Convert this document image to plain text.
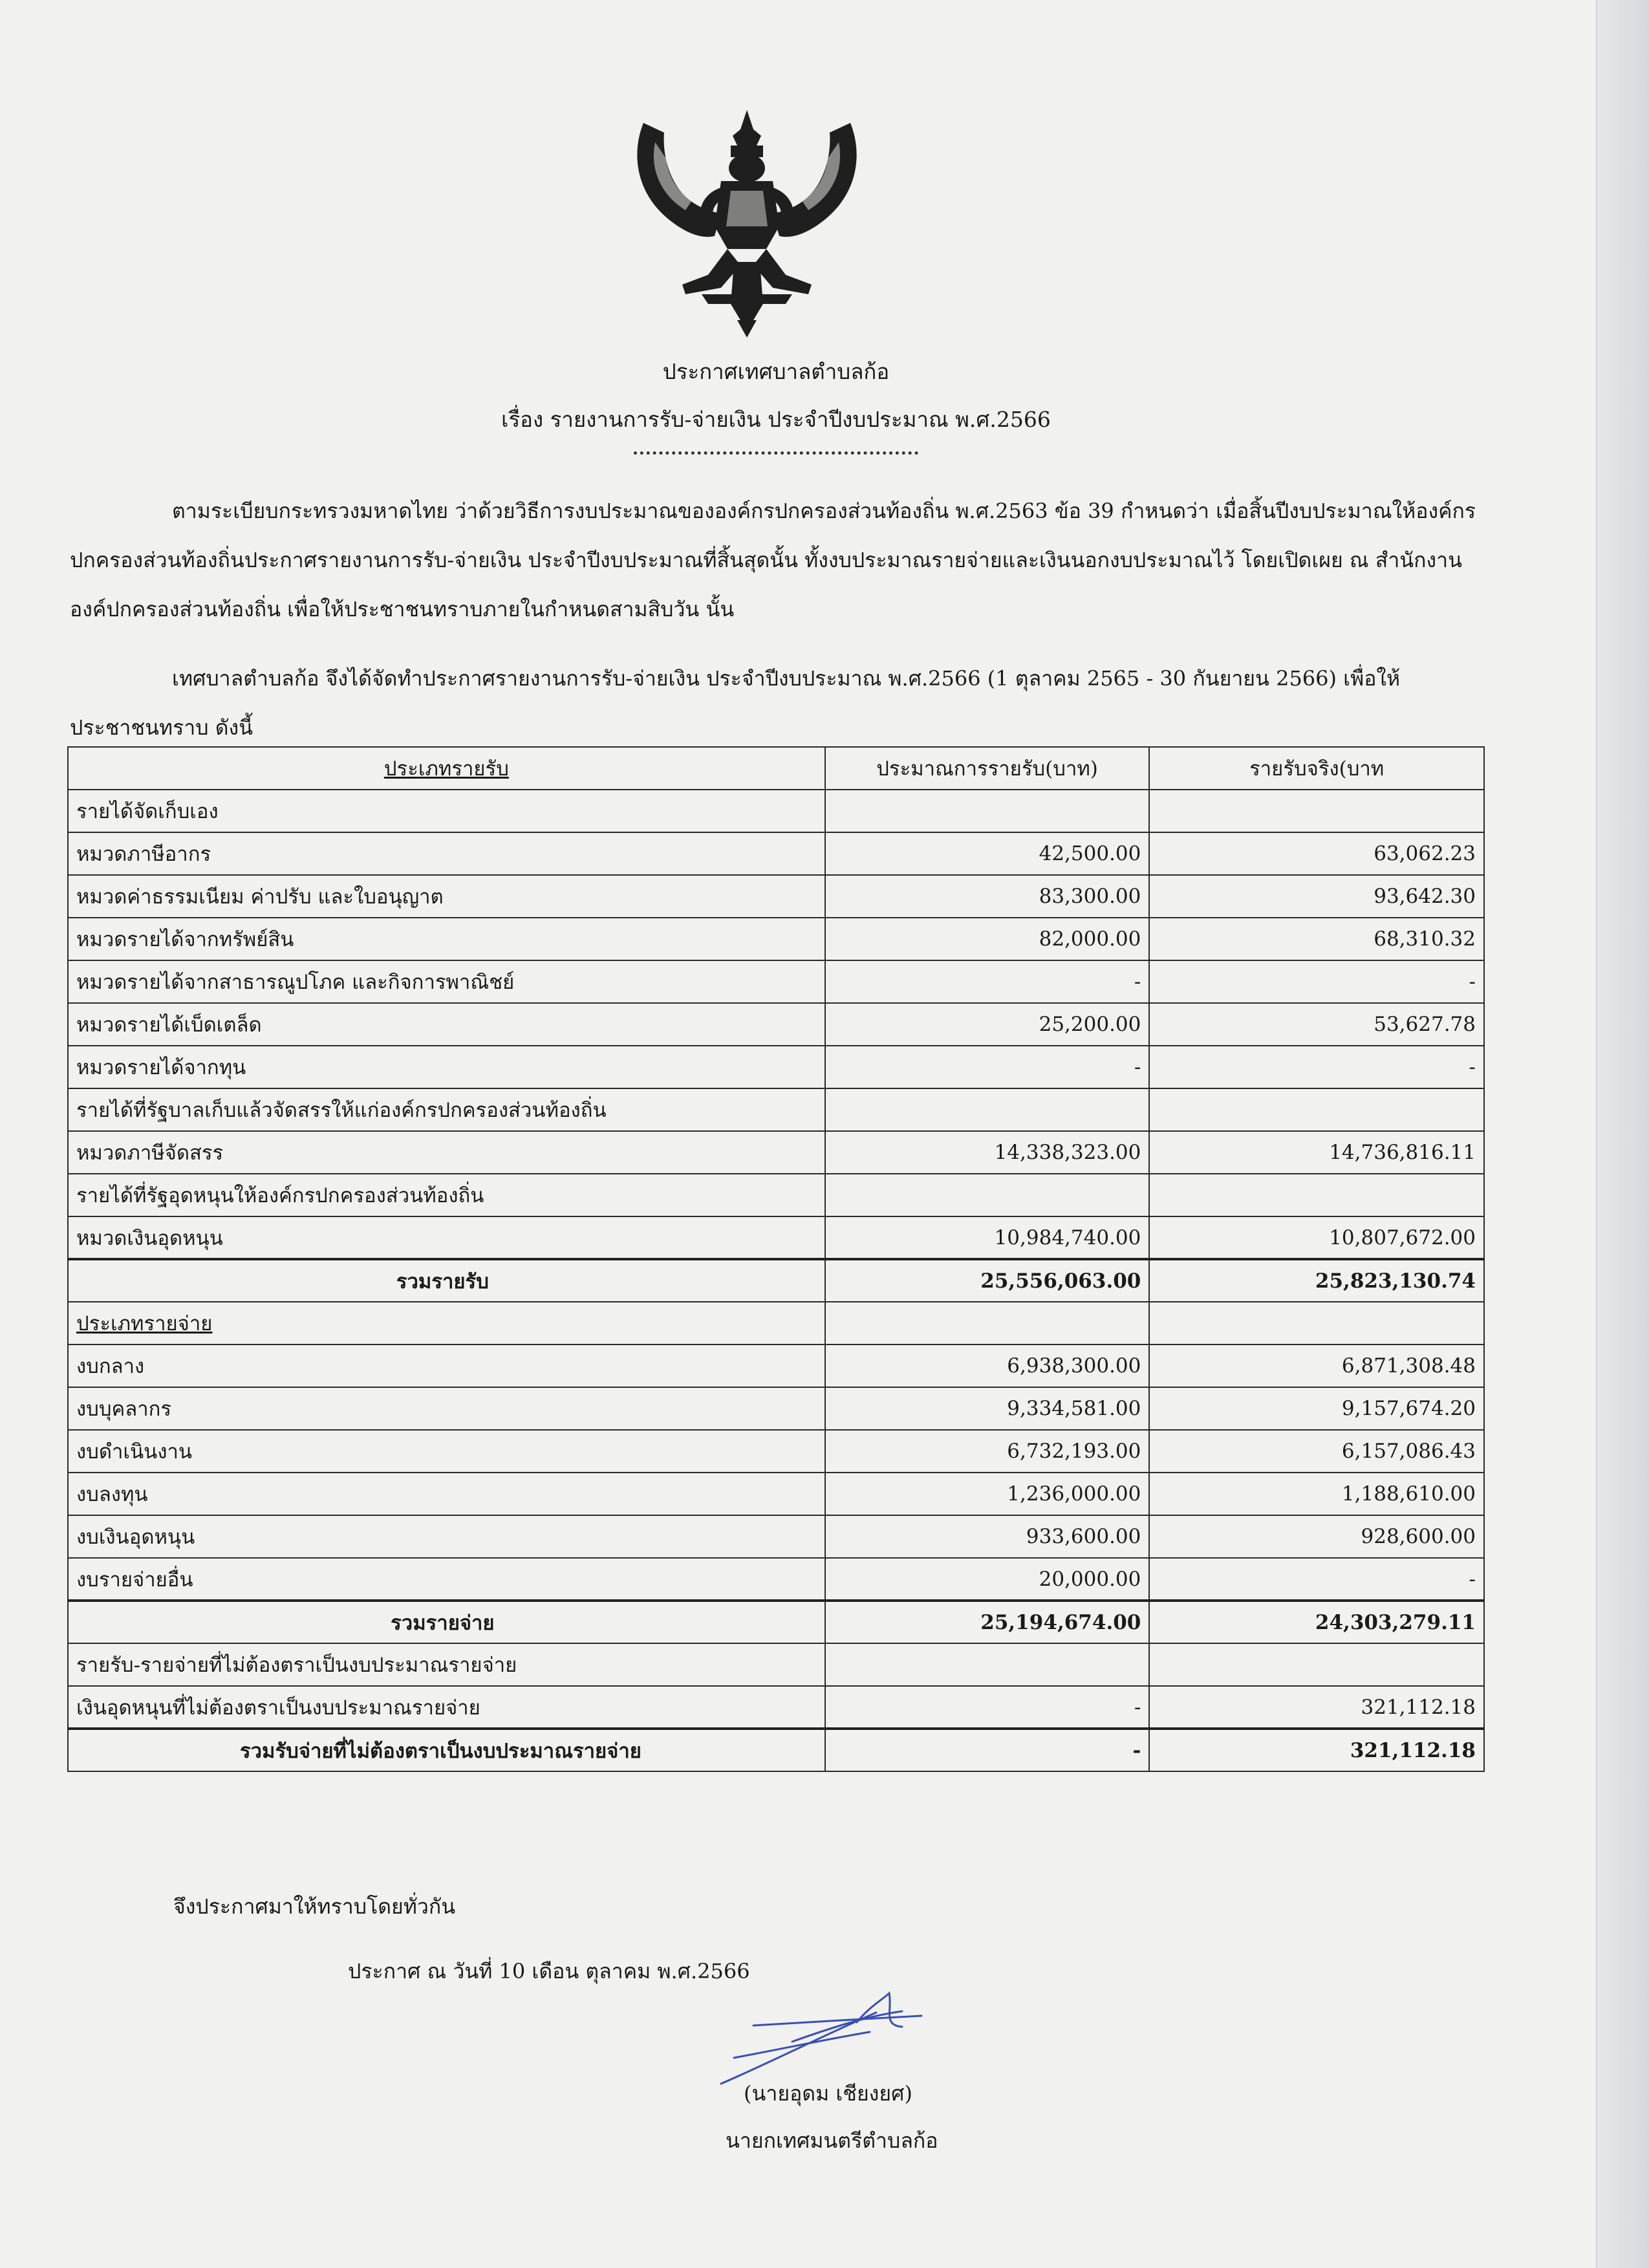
ประกาศเทศบาลตำบลก้อ
เรื่อง รายงานการรับ-จ่ายเงิน ประจำปีงบประมาณ พ.ศ.2566
ตามระเบียบกระทรวงมหาดไทย ว่าด้วยวิธีการงบประมาณขององค์กรปกครองส่วนท้องถิ่น พ.ศ.2563 ข้อ 39 กำหนดว่า เมื่อสิ้นปีงบประมาณให้องค์กรปกครองส่วนท้องถิ่นประกาศรายงานการรับ-จ่ายเงิน ประจำปีงบประมาณที่สิ้นสุดนั้น ทั้งงบประมาณรายจ่ายและเงินนอกงบประมาณไว้ โดยเปิดเผย ณ สำนักงานองค์ปกครองส่วนท้องถิ่น เพื่อให้ประชาชนทราบภายในกำหนดสามสิบวัน นั้น
เทศบาลตำบลก้อ จึงได้จัดทำประกาศรายงานการรับ-จ่ายเงิน ประจำปีงบประมาณ พ.ศ.2566 (1 ตุลาคม 2565 - 30 กันยายน 2566) เพื่อให้ประชาชนทราบ ดังนี้
ประเภทรายรับ	ประมาณการรายรับ(บาท)	รายรับจริง(บาท
รายได้จัดเก็บเอง		
หมวดภาษีอากร	42,500.00	63,062.23
หมวดค่าธรรมเนียม ค่าปรับ และใบอนุญาต	83,300.00	93,642.30
หมวดรายได้จากทรัพย์สิน	82,000.00	68,310.32
หมวดรายได้จากสาธารณูปโภค และกิจการพาณิชย์	-	-
หมวดรายได้เบ็ดเตล็ด	25,200.00	53,627.78
หมวดรายได้จากทุน	-	-
รายได้ที่รัฐบาลเก็บแล้วจัดสรรให้แก่องค์กรปกครองส่วนท้องถิ่น		
หมวดภาษีจัดสรร	14,338,323.00	14,736,816.11
รายได้ที่รัฐอุดหนุนให้องค์กรปกครองส่วนท้องถิ่น		
หมวดเงินอุดหนุน	10,984,740.00	10,807,672.00
รวมรายรับ	25,556,063.00	25,823,130.74
ประเภทรายจ่าย		
งบกลาง	6,938,300.00	6,871,308.48
งบบุคลากร	9,334,581.00	9,157,674.20
งบดำเนินงาน	6,732,193.00	6,157,086.43
งบลงทุน	1,236,000.00	1,188,610.00
งบเงินอุดหนุน	933,600.00	928,600.00
งบรายจ่ายอื่น	20,000.00	-
รวมรายจ่าย	25,194,674.00	24,303,279.11
รายรับ-รายจ่ายที่ไม่ต้องตราเป็นงบประมาณรายจ่าย		
เงินอุดหนุนที่ไม่ต้องตราเป็นงบประมาณรายจ่าย	-	321,112.18
รวมรับจ่ายที่ไม่ต้องตราเป็นงบประมาณรายจ่าย	-	321,112.18
จึงประกาศมาให้ทราบโดยทั่วกัน
ประกาศ ณ วันที่ 10 เดือน ตุลาคม พ.ศ.2566
(นายอุดม เชียงยศ)
นายกเทศมนตรีตำบลก้อ
